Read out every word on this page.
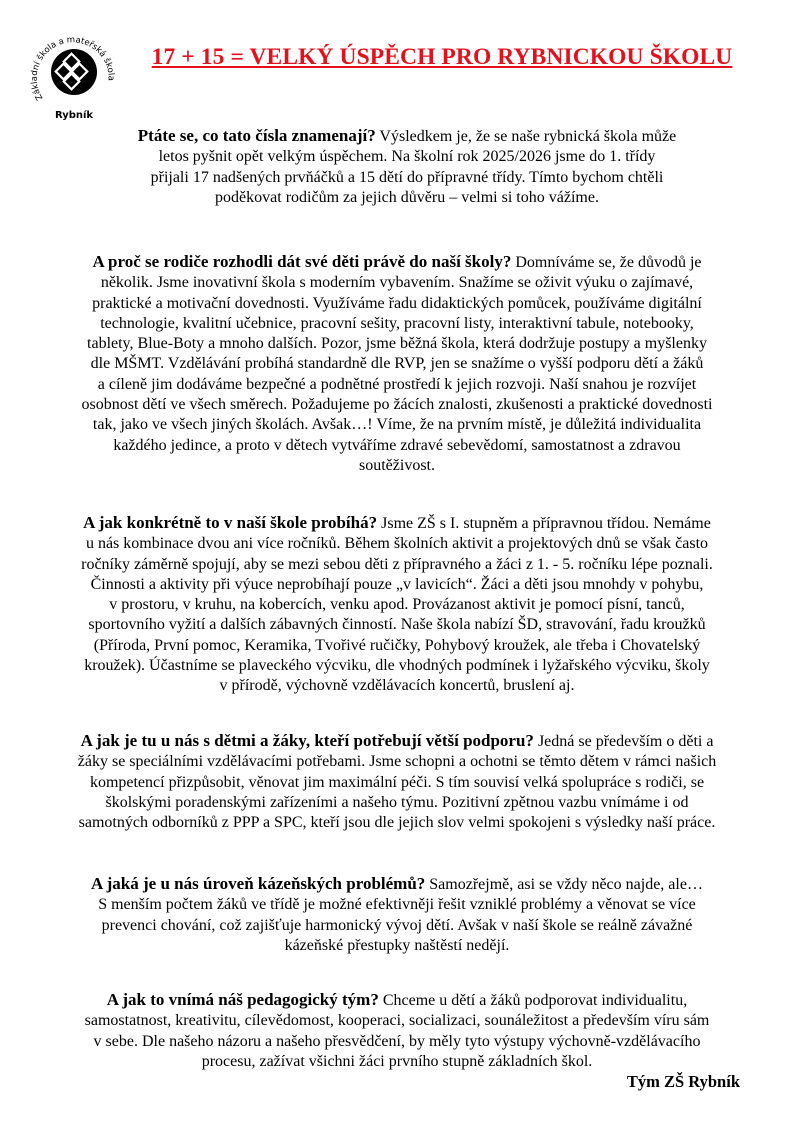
Základní škola a mateřská škola
Rybník
17 + 15 = VELKÝ ÚSPĚCH PRO RYBNICKOU ŠKOLU

Ptáte se, co tato čísla znamenají? Výsledkem je, že se naše rybnická škola může
letos pyšnit opět velkým úspěchem. Na školní rok 2025/2026 jsme do 1. třídy
přijali 17 nadšených prvňáčků a 15 dětí do přípravné třídy. Tímto bychom chtěli
poděkovat rodičům za jejich důvěru – velmi si toho vážíme.

A proč se rodiče rozhodli dát své děti právě do naší školy? Domníváme se, že důvodů je
několik. Jsme inovativní škola s moderním vybavením. Snažíme se oživit výuku o zajímavé,
praktické a motivační dovednosti. Využíváme řadu didaktických pomůcek, používáme digitální
technologie, kvalitní učebnice, pracovní sešity, pracovní listy, interaktivní tabule, notebooky,
tablety, Blue-Boty a mnoho dalších. Pozor, jsme běžná škola, která dodržuje postupy a myšlenky
dle MŠMT. Vzdělávání probíhá standardně dle RVP, jen se snažíme o vyšší podporu dětí a žáků
a cíleně jim dodáváme bezpečné a podnětné prostředí k jejich rozvoji. Naší snahou je rozvíjet
osobnost dětí ve všech směrech. Požadujeme po žácích znalosti, zkušenosti a praktické dovednosti
tak, jako ve všech jiných školách. Avšak…! Víme, že na prvním místě, je důležitá individualita
každého jedince, a proto v dětech vytváříme zdravé sebevědomí, samostatnost a zdravou
soutěživost.

A jak konkrétně to v naší škole probíhá? Jsme ZŠ s I. stupněm a přípravnou třídou. Nemáme
u nás kombinace dvou ani více ročníků. Během školních aktivit a projektových dnů se však často
ročníky záměrně spojují, aby se mezi sebou děti z přípravného a žáci z 1. - 5. ročníku lépe poznali.
Činnosti a aktivity při výuce neprobíhají pouze „v lavicích“. Žáci a děti jsou mnohdy v pohybu,
v prostoru, v kruhu, na kobercích, venku apod. Provázanost aktivit je pomocí písní, tanců,
sportovního vyžití a dalších zábavných činností. Naše škola nabízí ŠD, stravování, řadu kroužků
(Příroda, První pomoc, Keramika, Tvořivé ručičky, Pohybový kroužek, ale třeba i Chovatelský
kroužek). Účastníme se plaveckého výcviku, dle vhodných podmínek i lyžařského výcviku, školy
v přírodě, výchovně vzdělávacích koncertů, bruslení aj.

A jak je tu u nás s dětmi a žáky, kteří potřebují větší podporu? Jedná se především o děti a
žáky se speciálními vzdělávacími potřebami. Jsme schopni a ochotni se těmto dětem v rámci našich
kompetencí přizpůsobit, věnovat jim maximální péči. S tím souvisí velká spolupráce s rodiči, se
školskými poradenskými zařízeními a našeho týmu. Pozitivní zpětnou vazbu vnímáme i od
samotných odborníků z PPP a SPC, kteří jsou dle jejich slov velmi spokojeni s výsledky naší práce.

A jaká je u nás úroveň kázeňských problémů? Samozřejmě, asi se vždy něco najde, ale…
S menším počtem žáků ve třídě je možné efektivněji řešit vzniklé problémy a věnovat se více
prevenci chování, což zajišťuje harmonický vývoj dětí. Avšak v naší škole se reálně závažné
kázeňské přestupky naštěstí nedějí.

A jak to vnímá náš pedagogický tým? Chceme u dětí a žáků podporovat individualitu,
samostatnost, kreativitu, cílevědomost, kooperaci, socializaci, sounáležitost a především víru sám
v sebe. Dle našeho názoru a našeho přesvědčení, by měly tyto výstupy výchovně-vzdělávacího
procesu, zažívat všichni žáci prvního stupně základních škol.

Tým ZŠ Rybník
